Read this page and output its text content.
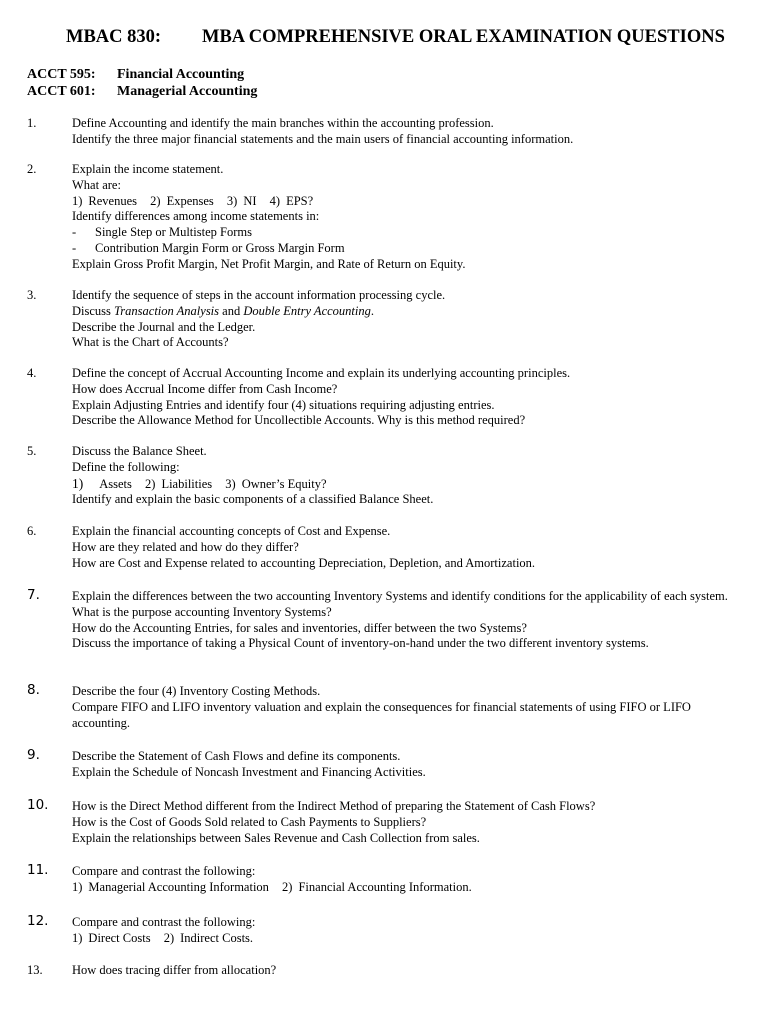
MBAC 830: MBA COMPREHENSIVE ORAL EXAMINATION QUESTIONS
ACCT 595: Financial Accounting
ACCT 601: Managerial Accounting
1.	Define Accounting and identify the main branches within the accounting profession.
Identify the three major financial statements and the main users of financial accounting information.
2.	Explain the income statement.
What are:
1) Revenues 2) Expenses 3) NI 4) EPS?
Identify differences among income statements in:
- Single Step or Multistep Forms
- Contribution Margin Form or Gross Margin Form
Explain Gross Profit Margin, Net Profit Margin, and Rate of Return on Equity.
3.	Identify the sequence of steps in the account information processing cycle.
Discuss Transaction Analysis and Double Entry Accounting.
Describe the Journal and the Ledger.
What is the Chart of Accounts?
4.	Define the concept of Accrual Accounting Income and explain its underlying accounting principles.
How does Accrual Income differ from Cash Income?
Explain Adjusting Entries and identify four (4) situations requiring adjusting entries.
Describe the Allowance Method for Uncollectible Accounts. Why is this method required?
5.	Discuss the Balance Sheet.
Define the following:
1) Assets 2) Liabilities 3) Owner’s Equity?
Identify and explain the basic components of a classified Balance Sheet.
6.	Explain the financial accounting concepts of Cost and Expense.
How are they related and how do they differ?
How are Cost and Expense related to accounting Depreciation, Depletion, and Amortization.
7.	Explain the differences between the two accounting Inventory Systems and identify conditions for the applicability of each system.
What is the purpose accounting Inventory Systems?
How do the Accounting Entries, for sales and inventories, differ between the two Systems?
Discuss the importance of taking a Physical Count of inventory-on-hand under the two different inventory systems.
8.	Describe the four (4) Inventory Costing Methods.
Compare FIFO and LIFO inventory valuation and explain the consequences for financial statements of using FIFO or LIFO accounting.
9.	Describe the Statement of Cash Flows and define its components.
Explain the Schedule of Noncash Investment and Financing Activities.
10. How is the Direct Method different from the Indirect Method of preparing the Statement of Cash Flows?
How is the Cost of Goods Sold related to Cash Payments to Suppliers?
Explain the relationships between Sales Revenue and Cash Collection from sales.
11. Compare and contrast the following:
1) Managerial Accounting Information 2) Financial Accounting Information.
12. Compare and contrast the following:
1) Direct Costs 2) Indirect Costs.
13. How does tracing differ from allocation?
